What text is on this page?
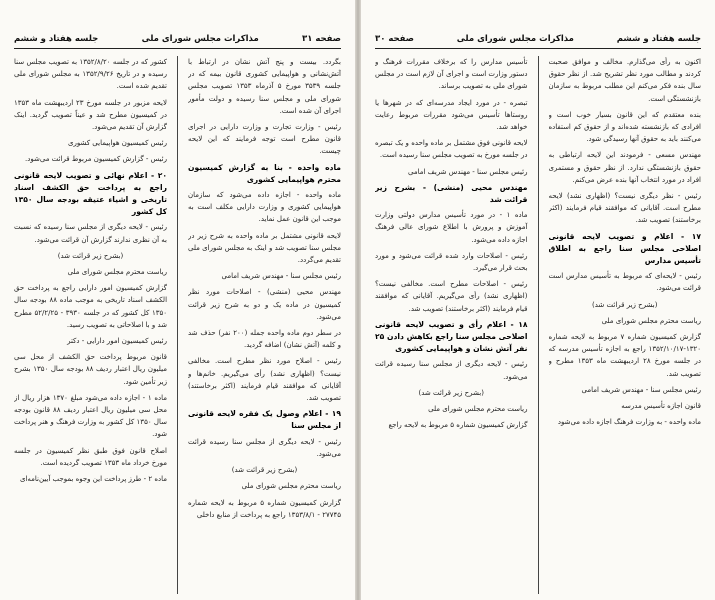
صفحه ۳۱
مذاکرات مجلس شورای ملی
جلسه هفتاد و ششم

بگردد. بیست و پنج آتش نشان در ارتباط با آتش‌نشانی و هواپیمایی کشوری قانون بیمه که در جلسه ۳۵۳۹ مورخ ۵ آذرماه ۱۳۵۳ تصویب مجلس شورای ملی و مجلس سنا رسیده و دولت مأمور اجرای آن شده است.

رئیس - وزارت تجارت و وزارت دارایی در اجرای قانون مطرح است توجه فرمایند که این لایحه چیست.

ماده واحده - بنا به گزارش کمیسیون محترم هواپیمایی کشوری

ماده واحده - اجازه داده می‌شود که سازمان هواپیمایی کشوری و وزارت دارایی مکلف است به موجب این قانون عمل نماید.

لایحه قانونی مشتمل بر ماده واحده به شرح زیر در مجلس سنا تصویب شد و اینک به مجلس شورای ملی تقدیم می‌گردد.

رئیس مجلس سنا - مهندس شریف امامی

مهندس محیی (منشی) - اصلاحات مورد نظر کمیسیون در ماده یک و دو به شرح زیر قرائت می‌شود.

در سطر دوم ماده واحده جمله (۲۰۰ نفر) حذف شد و کلمه (آتش نشان) اضافه گردید.

رئیس - اصلاح مورد نظر مطرح است. مخالفی نیست؟ (اظهاری نشد) رأی می‌گیریم. خانم‌ها و آقایانی که موافقند قیام فرمایند (اکثر برخاستند) تصویب شد.

۱۹ - اعلام وصول یک فقره لایحه قانونی از مجلس سنا

رئیس - لایحه دیگری از مجلس سنا رسیده قرائت می‌شود.

(بشرح زیر قرائت شد)

ریاست محترم مجلس شورای ملی

گزارش کمیسیون شماره ۵ مربوط به لایحه شماره ۲۷۷۴۵ - ۱۳۵۳/۸/۱ راجع به پرداخت از منابع داخلی

کشور که در جلسه ۱۳۵۲/۸/۲۰ به تصویب مجلس سنا رسیده و در تاریخ ۱۳۵۲/۹/۲۶ به مجلس شورای ملی تقدیم شده است.

لایحه مزبور در جلسه مورخ ۲۳ اردیبهشت ماه ۱۳۵۳ در کمیسیون مطرح شد و عیناً تصویب گردید. اینک گزارش آن تقدیم می‌شود.

رئیس کمیسیون هواپیمایی کشوری

رئیس - گزارش کمیسیون مربوط قرائت می‌شود.

۲۰ - اعلام نهائی و تصویب لایحه قانونی راجع به پرداخت حق الکشف اسناد تاریخی و اشیاء عتیقه بودجه سال ۱۳۵۰ کل کشور

رئیس - لایحه دیگری از مجلس سنا رسیده که نسبت به آن نظری ندارند گزارش آن قرائت می‌شود.

(بشرح زیر قرائت شد)

ریاست محترم مجلس شورای ملی

گزارش کمیسیون امور دارایی راجع به پرداخت حق الکشف اسناد تاریخی به موجب ماده ۸۸ بودجه سال ۱۳۵۰ کل کشور که در جلسه ۳۹۳۰ - ۵۲/۲/۲۵ مطرح شد و با اصلاحاتی به تصویب رسید.

رئیس کمیسیون امور دارایی - دکتر

قانون مربوط پرداخت حق الکشف از محل سی میلیون ریال اعتبار ردیف ۸۸ بودجه سال ۱۳۵۰ بشرح زیر تأمین شود.

ماده ۱ - اجازه داده می‌شود مبلغ ۱۳۷۰ هزار ریال از محل سی میلیون ریال اعتبار ردیف ۸۸ قانون بودجه سال ۱۳۵۰ کل کشور به وزارت فرهنگ و هنر پرداخت شود.

اصلاح قانون فوق طبق نظر کمیسیون در جلسه مورخ خرداد ماه ۱۳۵۳ تصویب گردیده است.

ماده ۲ - طرز پرداخت این وجوه بموجب آیین‌نامه‌ای

جلسه هفتاد و ششم
مذاکرات مجلس شورای ملی
صفحه ۳۰

اکنون به رأی می‌گذارم. مخالف و موافق صحبت کردند و مطالب مورد نظر تشریح شد. از نظر حقوق سال بنده فکر می‌کنم این مطلب مربوط به سازمان بازنشستگی است.

بنده معتقدم که این قانون بسیار خوب است و افرادی که بازنشسته شده‌اند و از حقوق کم استفاده می‌کنند باید به حقوق آنها رسیدگی شود.

مهندس مسعی - فرمودند این لایحه ارتباطی به حقوق بازنشستگی ندارد. از نظر حقوق و مستمری افراد در مورد انتخاب آنها بنده عرض می‌کنم.

رئیس - نظر دیگری نیست؟ (اظهاری نشد) لایحه مطرح است. آقایانی که موافقند قیام فرمایند (اکثر برخاستند) تصویب شد.

۱۷ - اعلام و تصویب لایحه قانونی اصلاحی مجلس سنا راجع به اطلاق تأسیس مدارس

رئیس - لایحه‌ای که مربوط به تأسیس مدارس است قرائت می‌شود.

(بشرح زیر قرائت شد)

ریاست محترم مجلس شورای ملی

گزارش کمیسیون شماره ۷ مربوط به لایحه شماره ۱۳۲۰-۱۳۵۲/۱۰/۱۷ راجع به اجازه تأسیس مدرسه که در جلسه مورخ ۲۸ اردیبهشت ماه ۱۳۵۳ مطرح و تصویب شد.

رئیس مجلس سنا - مهندس شریف امامی

قانون اجازه تأسیس مدرسه

ماده واحده - به وزارت فرهنگ اجازه داده می‌شود

تأسیس مدارس را که برخلاف مقررات فرهنگ و دستور وزارت است و اجرای آن لازم است در مجلس شورای ملی به تصویب برساند.

تبصره - در مورد ایجاد مدرسه‌ای که در شهرها یا روستاها تأسیس می‌شود مقررات مربوط رعایت خواهد شد.

لایحه قانونی فوق مشتمل بر ماده واحده و یک تبصره در جلسه مورخ به تصویب مجلس سنا رسیده است.

رئیس مجلس سنا - مهندس شریف امامی

مهندس محیی (منشی) - بشرح زیر قرائت شد

ماده ۱ - در مورد تأسیس مدارس دولتی وزارت آموزش و پرورش با اطلاع شورای عالی فرهنگ اجازه داده می‌شود.

رئیس - اصلاحات وارد شده قرائت می‌شود و مورد بحث قرار می‌گیرد.

رئیس - اصلاحات مطرح است. مخالفی نیست؟ (اظهاری نشد) رأی می‌گیریم. آقایانی که موافقند قیام فرمایند (اکثر برخاستند) تصویب شد.

۱۸ - اعلام رأی و تصویب لایحه قانونی اصلاحی مجلس سنا راجع بکاهش دادن ۲۵ نفر آتش نشان و هواپیمایی کشوری

رئیس - لایحه دیگری از مجلس سنا رسیده قرائت می‌شود.

(بشرح زیر قرائت شد)

ریاست محترم مجلس شورای ملی

گزارش کمیسیون شماره ۵ مربوط به لایحه راجع
